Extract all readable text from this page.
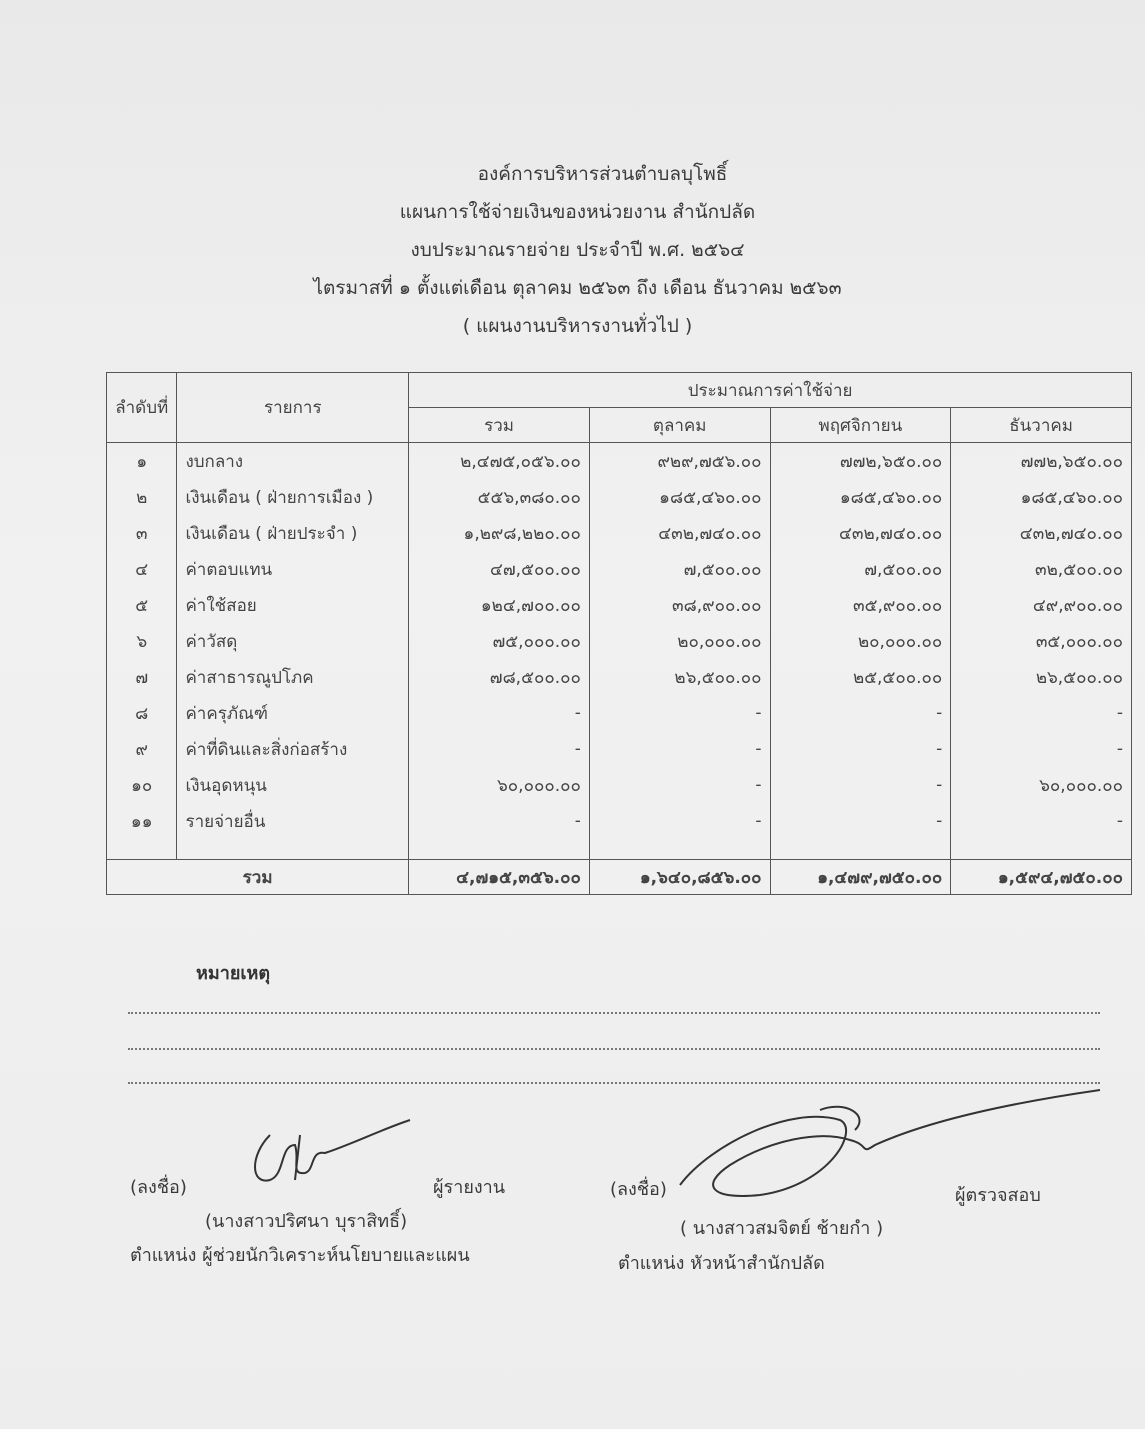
องค์การบริหารส่วนตำบลบุโพธิ์
แผนการใช้จ่ายเงินของหน่วยงาน สำนักปลัด
งบประมาณรายจ่าย ประจำปี พ.ศ. ๒๕๖๔
ไตรมาสที่ ๑ ตั้งแต่เดือน ตุลาคม ๒๕๖๓ ถึง เดือน ธันวาคม ๒๕๖๓
( แผนงานบริหารงานทั่วไป )
ลำดับที่	รายการ	ประมาณการค่าใช้จ่าย			
		รวม	ตุลาคม	พฤศจิกายน	ธันวาคม
๑	งบกลาง	๒,๔๗๕,๐๕๖.๐๐	๙๒๙,๗๕๖.๐๐	๗๗๒,๖๕๐.๐๐	๗๗๒,๖๕๐.๐๐
๒	เงินเดือน ( ฝ่ายการเมือง )	๕๕๖,๓๘๐.๐๐	๑๘๕,๔๖๐.๐๐	๑๘๕,๔๖๐.๐๐	๑๘๕,๔๖๐.๐๐
๓	เงินเดือน ( ฝ่ายประจำ )	๑,๒๙๘,๒๒๐.๐๐	๔๓๒,๗๔๐.๐๐	๔๓๒,๗๔๐.๐๐	๔๓๒,๗๔๐.๐๐
๔	ค่าตอบแทน	๔๗,๕๐๐.๐๐	๗,๕๐๐.๐๐	๗,๕๐๐.๐๐	๓๒,๕๐๐.๐๐
๕	ค่าใช้สอย	๑๒๔,๗๐๐.๐๐	๓๘,๙๐๐.๐๐	๓๕,๙๐๐.๐๐	๔๙,๙๐๐.๐๐
๖	ค่าวัสดุ	๗๕,๐๐๐.๐๐	๒๐,๐๐๐.๐๐	๒๐,๐๐๐.๐๐	๓๕,๐๐๐.๐๐
๗	ค่าสาธารณูปโภค	๗๘,๕๐๐.๐๐	๒๖,๕๐๐.๐๐	๒๕,๕๐๐.๐๐	๒๖,๕๐๐.๐๐
๘	ค่าครุภัณฑ์	-	-	-	-
๙	ค่าที่ดินและสิ่งก่อสร้าง	-	-	-	-
๑๐	เงินอุดหนุน	๖๐,๐๐๐.๐๐	-	-	๖๐,๐๐๐.๐๐
๑๑	รายจ่ายอื่น	-	-	-	-

รวม		๔,๗๑๕,๓๕๖.๐๐	๑,๖๔๐,๘๕๖.๐๐	๑,๔๗๙,๗๕๐.๐๐	๑,๕๙๔,๗๕๐.๐๐
หมายเหตุ
(ลงชื่อ)	ผู้รายงาน
(นางสาวปริศนา บุราสิทธิ์)
ตำแหน่ง ผู้ช่วยนักวิเคราะห์นโยบายและแผน
(ลงชื่อ)	ผู้ตรวจสอบ
( นางสาวสมจิตย์ ช้ายกำ )
ตำแหน่ง หัวหน้าสำนักปลัด
